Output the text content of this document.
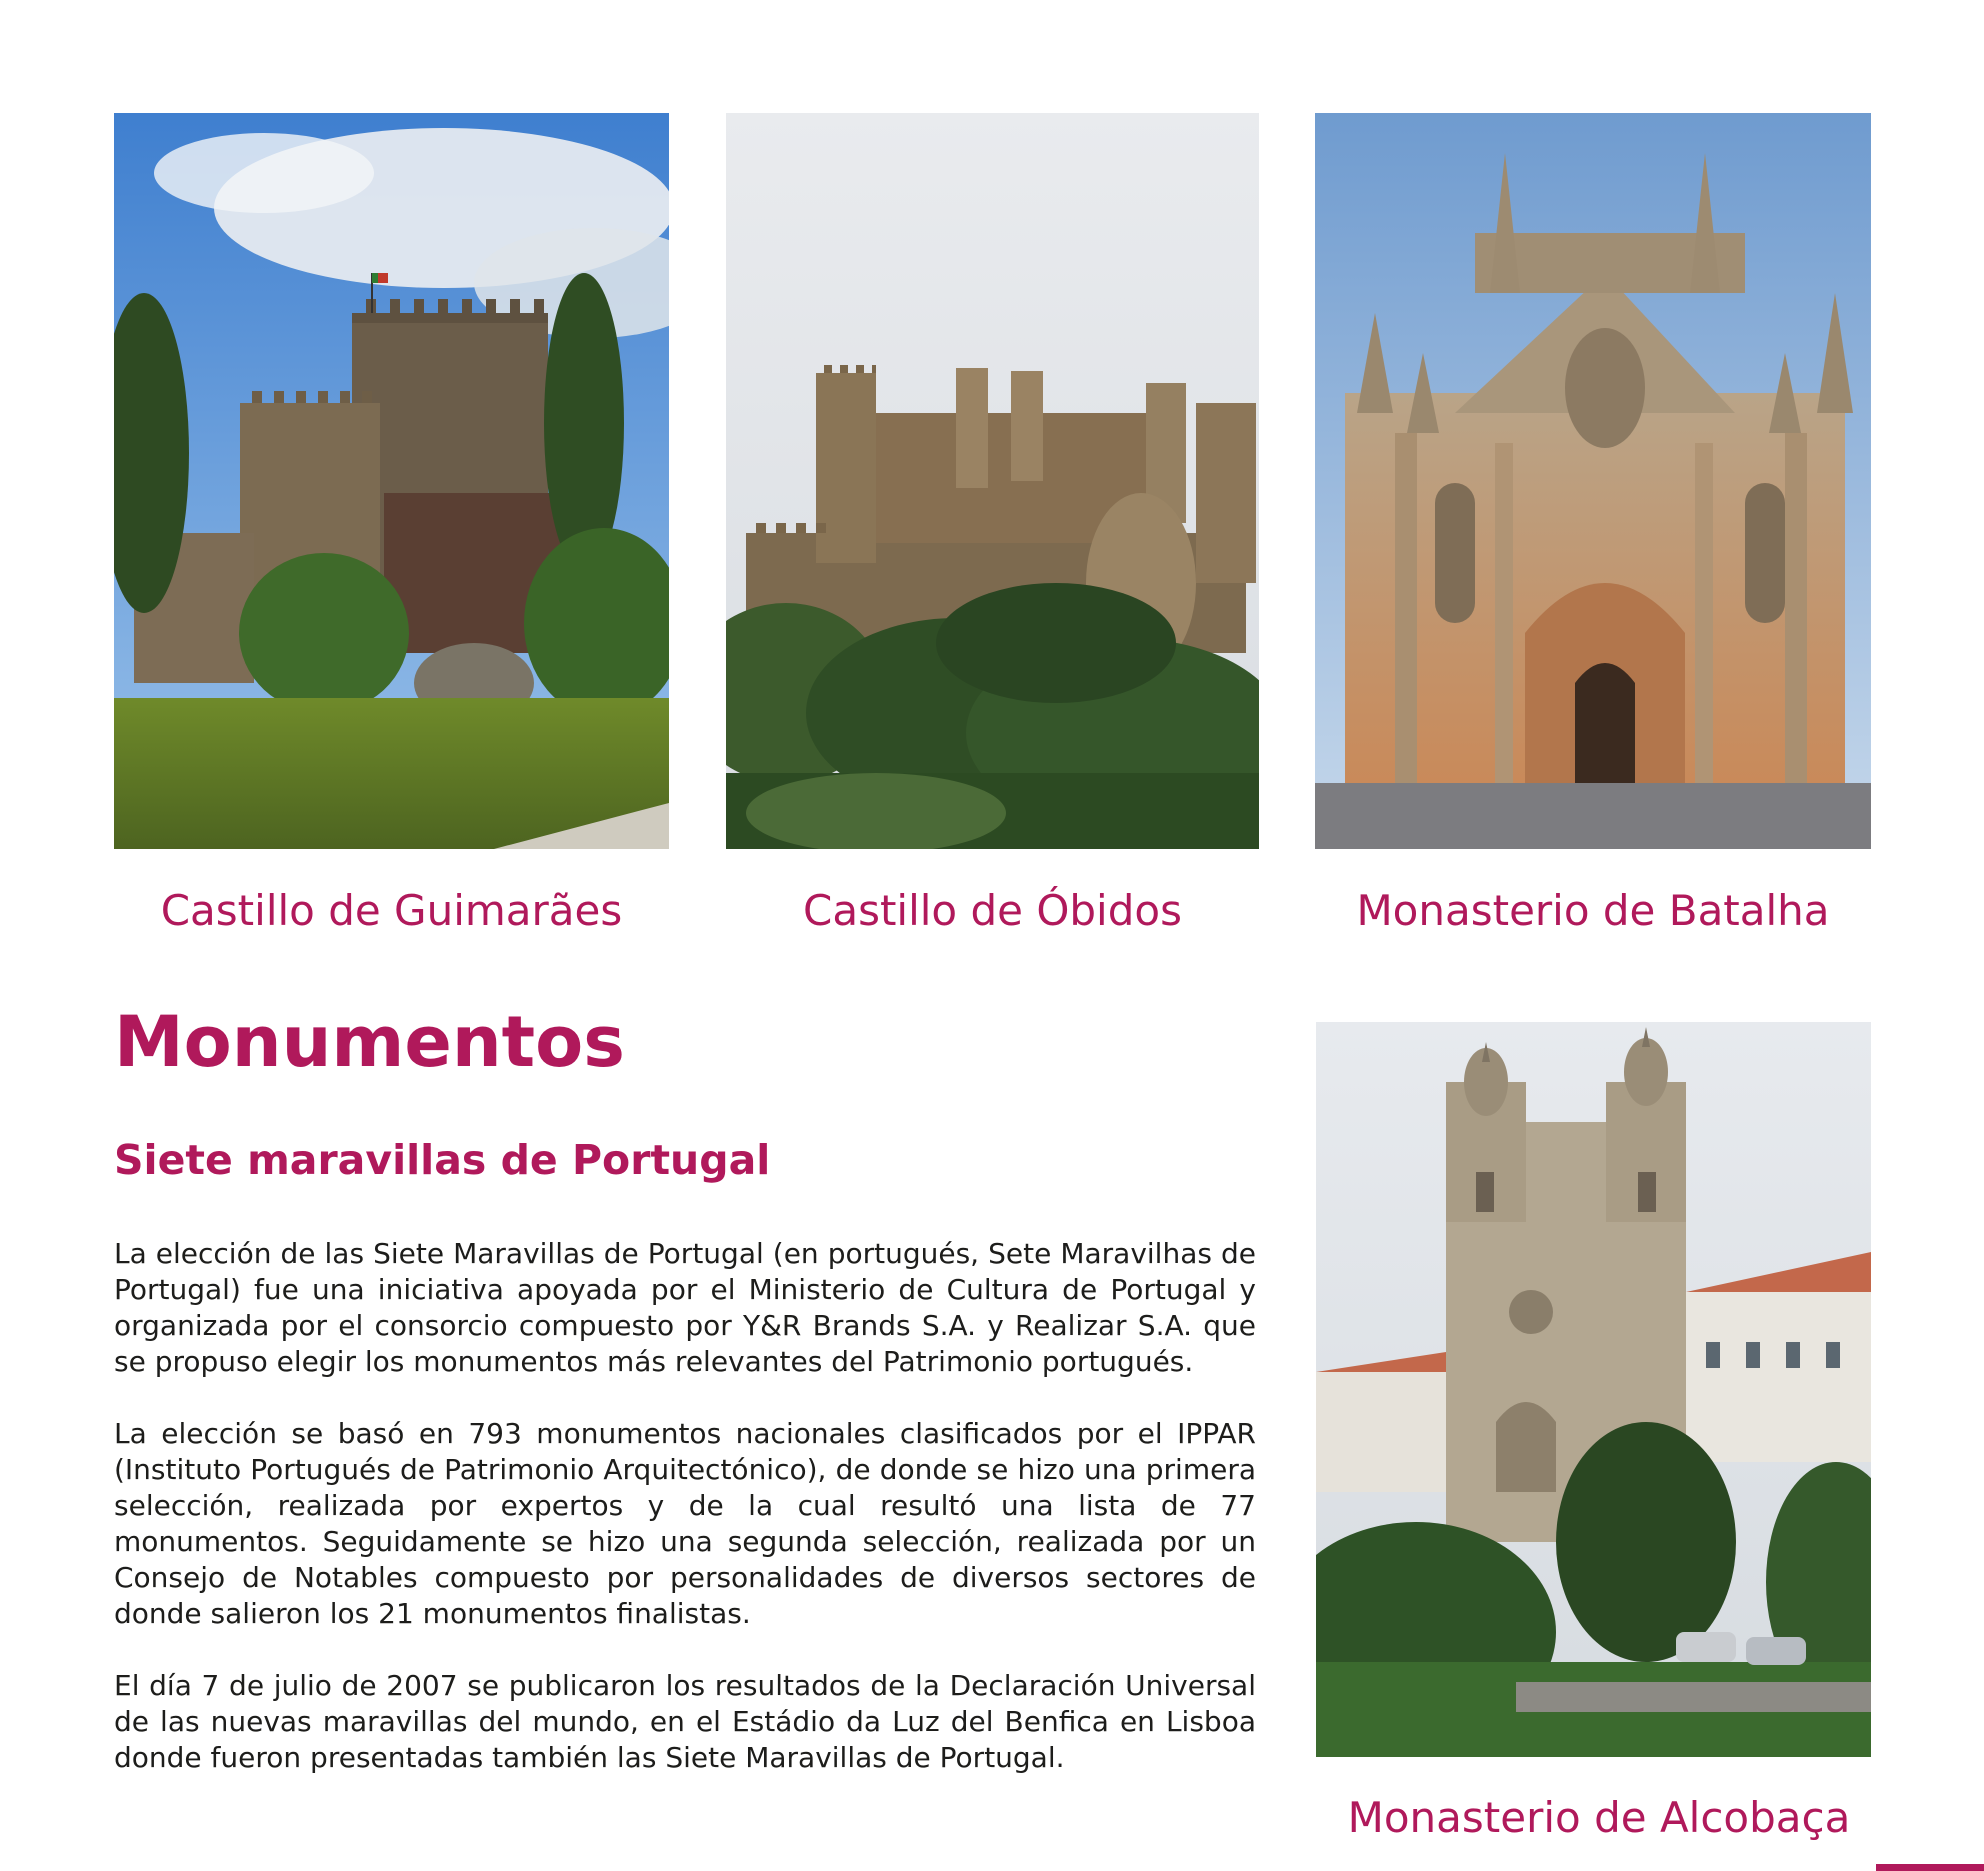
Castillo de Guimarães	Castillo de Óbidos	Monasterio de Batalha
Monumentos
Siete maravillas de Portugal

La elección de las Siete Maravillas de Portugal (en portugués, Sete Maravilhas de Portugal) fue una iniciativa apoyada por el Ministerio de Cultura de Portugal y organizada por el consorcio compuesto por Y&R Brands S.A. y Realizar S.A. que se propuso elegir los monumentos más relevantes del Patrimonio portugués.

La elección se basó en 793 monumentos nacionales clasificados por el IPPAR (Instituto Portugués de Patrimonio Arquitectónico), de donde se hizo una primera selección, realizada por expertos y de la cual resultó una lista de 77 monumentos. Seguidamente se hizo una segunda selección, realizada por un Consejo de Notables compuesto por personalidades de diversos sectores de donde salieron los 21 monumentos finalistas.

El día 7 de julio de 2007 se publicaron los resultados de la Declaración Universal de las nuevas maravillas del mundo, en el Estádio da Luz del Benfica en Lisboa donde fueron presentadas también las Siete Maravillas de Portugal.

Monasterio de Alcobaça
